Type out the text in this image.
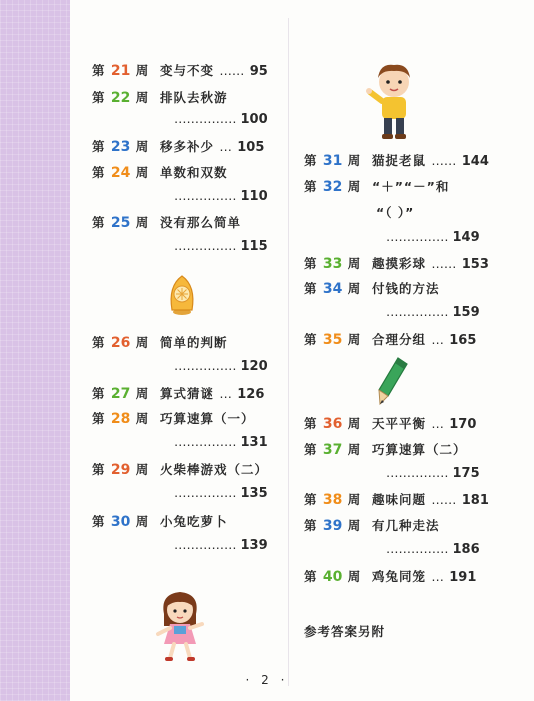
第 21 周 变与不变 …… 95
第 22 周 排队去秋游
…………… 100
第 23 周 移多补少 … 105
第 24 周 单数和双数
…………… 110
第 25 周 没有那么简单
…………… 115
第 26 周 简单的判断
…………… 120
第 27 周 算式猜谜 … 126
第 28 周 巧算速算（一）
…………… 131
第 29 周 火柴棒游戏（二）
…………… 135
第 30 周 小兔吃萝卜
…………… 139
第 31 周 猫捉老鼠 …… 144
第 32 周 “＋”“－”和
“（ ）”
…………… 149
第 33 周 趣摸彩球 …… 153
第 34 周 付钱的方法
…………… 159
第 35 周 合理分组 … 165
第 36 周 天平平衡 … 170
第 37 周 巧算速算（二）
…………… 175
第 38 周 趣味问题 …… 181
第 39 周 有几种走法
…………… 186
第 40 周 鸡兔同笼 … 191
参考答案另附
· 2 ·
